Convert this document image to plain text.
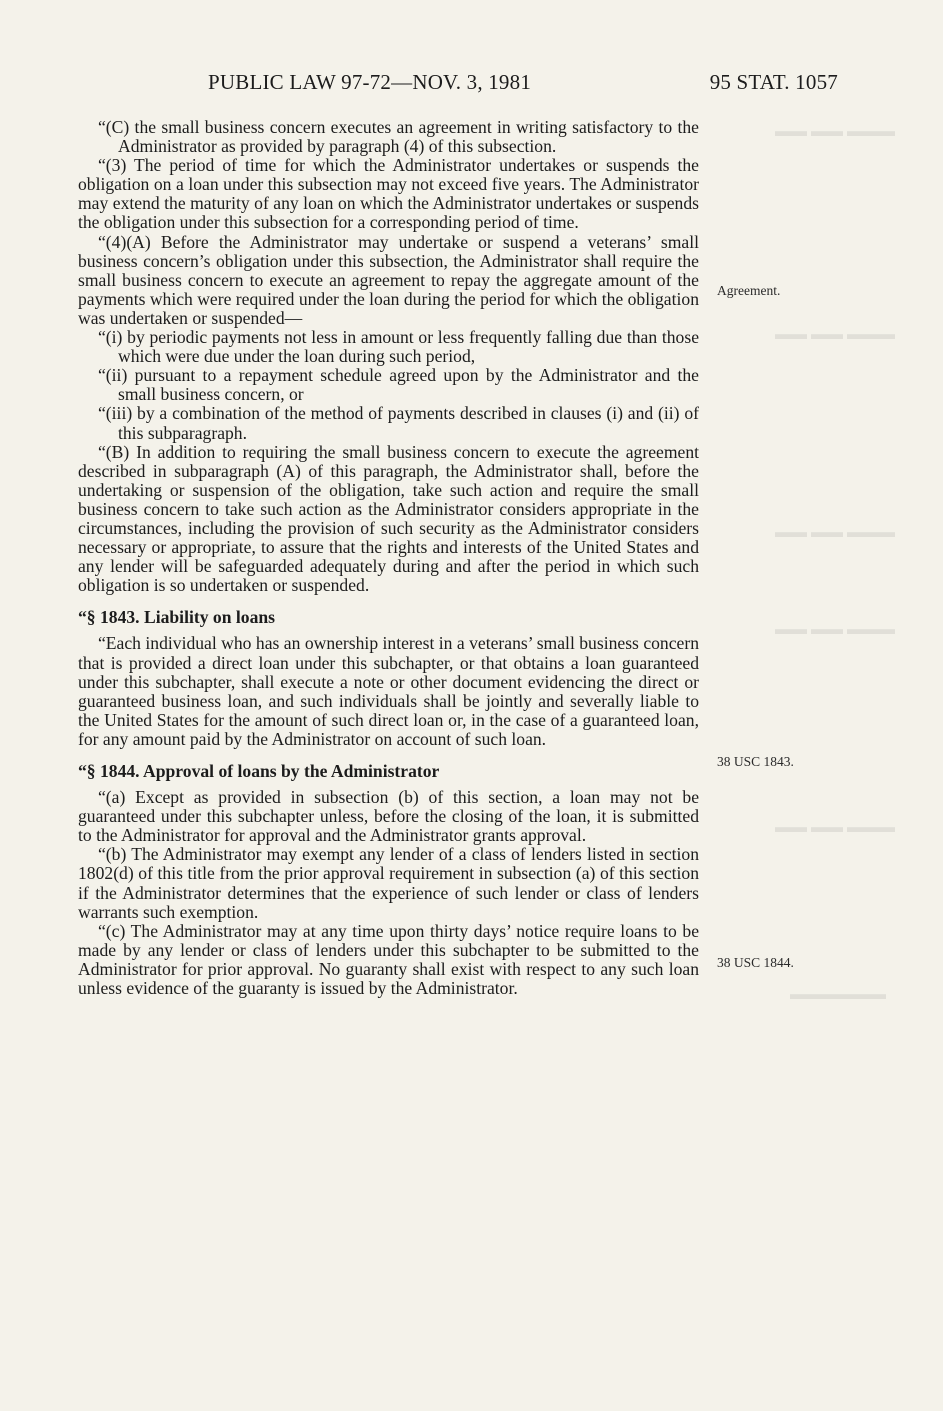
▬▬ ▬▬ ▬▬▬
▬▬ ▬▬ ▬▬▬
▬▬ ▬▬ ▬▬▬
▬▬ ▬▬ ▬▬▬
▬▬ ▬▬ ▬▬▬
▬▬▬▬▬▬
PUBLIC LAW 97-72—NOV. 3, 1981	95 STAT. 1057

“(C) the small business concern executes an agreement in writing satisfactory to the Administrator as provided by paragraph (4) of this subsection.

“(3) The period of time for which the Administrator undertakes or suspends the obligation on a loan under this subsection may not exceed five years. The Administrator may extend the maturity of any loan on which the Administrator undertakes or suspends the obligation under this subsection for a corresponding period of time.

“(4)(A) Before the Administrator may undertake or suspend a veterans’ small business concern’s obligation under this subsection, the Administrator shall require the small business concern to execute an agreement to repay the aggregate amount of the payments which were required under the loan during the period for which the obligation was undertaken or suspended—

“(i) by periodic payments not less in amount or less frequently falling due than those which were due under the loan during such period,

“(ii) pursuant to a repayment schedule agreed upon by the Administrator and the small business concern, or

“(iii) by a combination of the method of payments described in clauses (i) and (ii) of this subparagraph.

“(B) In addition to requiring the small business concern to execute the agreement described in subparagraph (A) of this paragraph, the Administrator shall, before the undertaking or suspension of the obligation, take such action and require the small business concern to take such action as the Administrator considers appropriate in the circumstances, including the provision of such security as the Administrator considers necessary or appropriate, to assure that the rights and interests of the United States and any lender will be safeguarded adequately during and after the period in which such obligation is so undertaken or suspended.

“§ 1843. Liability on loans

“Each individual who has an ownership interest in a veterans’ small business concern that is provided a direct loan under this subchapter, or that obtains a loan guaranteed under this subchapter, shall execute a note or other document evidencing the direct or guaranteed business loan, and such individuals shall be jointly and severally liable to the United States for the amount of such direct loan or, in the case of a guaranteed loan, for any amount paid by the Administrator on account of such loan.

“§ 1844. Approval of loans by the Administrator

“(a) Except as provided in subsection (b) of this section, a loan may not be guaranteed under this subchapter unless, before the closing of the loan, it is submitted to the Administrator for approval and the Administrator grants approval.

“(b) The Administrator may exempt any lender of a class of lenders listed in section 1802(d) of this title from the prior approval requirement in subsection (a) of this section if the Administrator determines that the experience of such lender or class of lenders warrants such exemption.

“(c) The Administrator may at any time upon thirty days’ notice require loans to be made by any lender or class of lenders under this subchapter to be submitted to the Administrator for prior approval. No guaranty shall exist with respect to any such loan unless evidence of the guaranty is issued by the Administrator.

Agreement.
38 USC 1843.
38 USC 1844.
